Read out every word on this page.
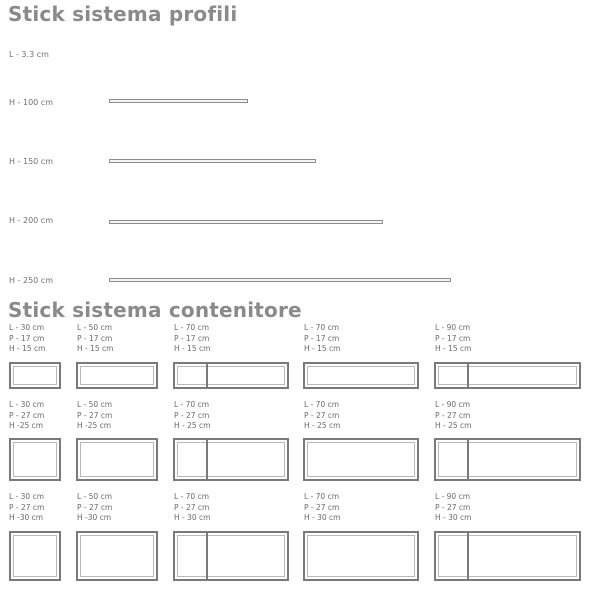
Stick sistema profili
L - 3.3 cm
H - 100 cm
H - 150 cm
H - 200 cm
H - 250 cm
Stick sistema contenitore
L - 30 cm
P - 17 cm
H - 15 cm
L - 50 cm
P - 17 cm
H - 15 cm
L - 70 cm
P - 17 cm
H - 15 cm
L - 70 cm
P - 17 cm
H - 15 cm
L - 90 cm
P - 17 cm
H - 15 cm
L - 30 cm
P - 27 cm
H -25 cm
L - 50 cm
P - 27 cm
H -25 cm
L - 70 cm
P - 27 cm
H - 25 cm
L - 70 cm
P - 27 cm
H - 25 cm
L - 90 cm
P - 27 cm
H - 25 cm
L - 30 cm
P - 27 cm
H -30 cm
L - 50 cm
P - 27 cm
H -30 cm
L - 70 cm
P - 27 cm
H - 30 cm
L - 70 cm
P - 27 cm
H - 30 cm
L - 90 cm
P - 27 cm
H - 30 cm
